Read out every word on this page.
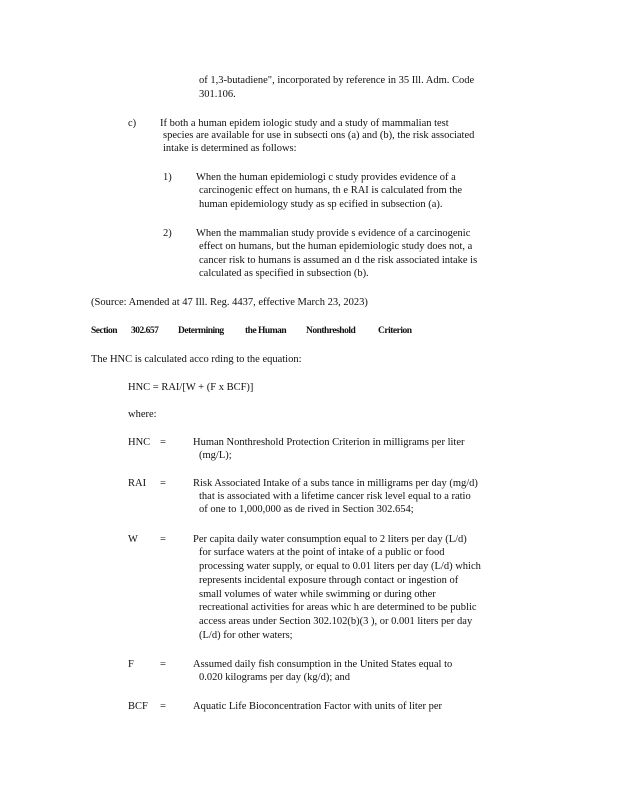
of 1,3-butadiene", incorporated by reference in 35 Ill. Adm. Code

301.106.

c) If both a human epidem iologic study and a study of mammalian test

species are available for use in subsecti ons (a) and (b), the risk associated

intake is determined as follows:

1) When the human epidemiologi c study provides evidence of a

carcinogenic effect on humans, th e RAI is calculated from the

human epidemiology study as sp ecified in subsection (a).

2) When the mammalian study provide s evidence of a carcinogenic

effect on humans, but the human epidemiologic study does not, a

cancer risk to humans is assumed an d the risk associated intake is

calculated as specified in subsection (b).

(Source: Amended at 47 Ill. Reg. 4437, effective March 23, 2023)

Section 302.657 Determining the Human Nonthreshold Criterion

The HNC is calculated acco rding to the equation:

HNC = RAI/[W + (F x BCF)]

where:

HNC =	Human Nonthreshold Protection Criterion in milligrams per liter

(mg/L);

RAI =	Risk Associated Intake of a subs tance in milligrams per day (mg/d)

that is associated with a lifetime cancer risk level equal to a ratio

of one to 1,000,000 as de rived in Section 302.654;

W =	Per capita daily water consumption equal to 2 liters per day (L/d)

for surface waters at the point of intake of a public or food

processing water supply, or equal to 0.01 liters per day (L/d) which

represents incidental exposure through contact or ingestion of

small volumes of water while swimming or during other

recreational activities for areas whic h are determined to be public

access areas under Section 302.102(b)(3 ), or 0.001 liters per day

(L/d) for other waters;

F =	Assumed daily fish consumption in the United States equal to

0.020 kilograms per day (kg/d); and

BCF =	Aquatic Life Bioconcentration Factor with units of liter per
